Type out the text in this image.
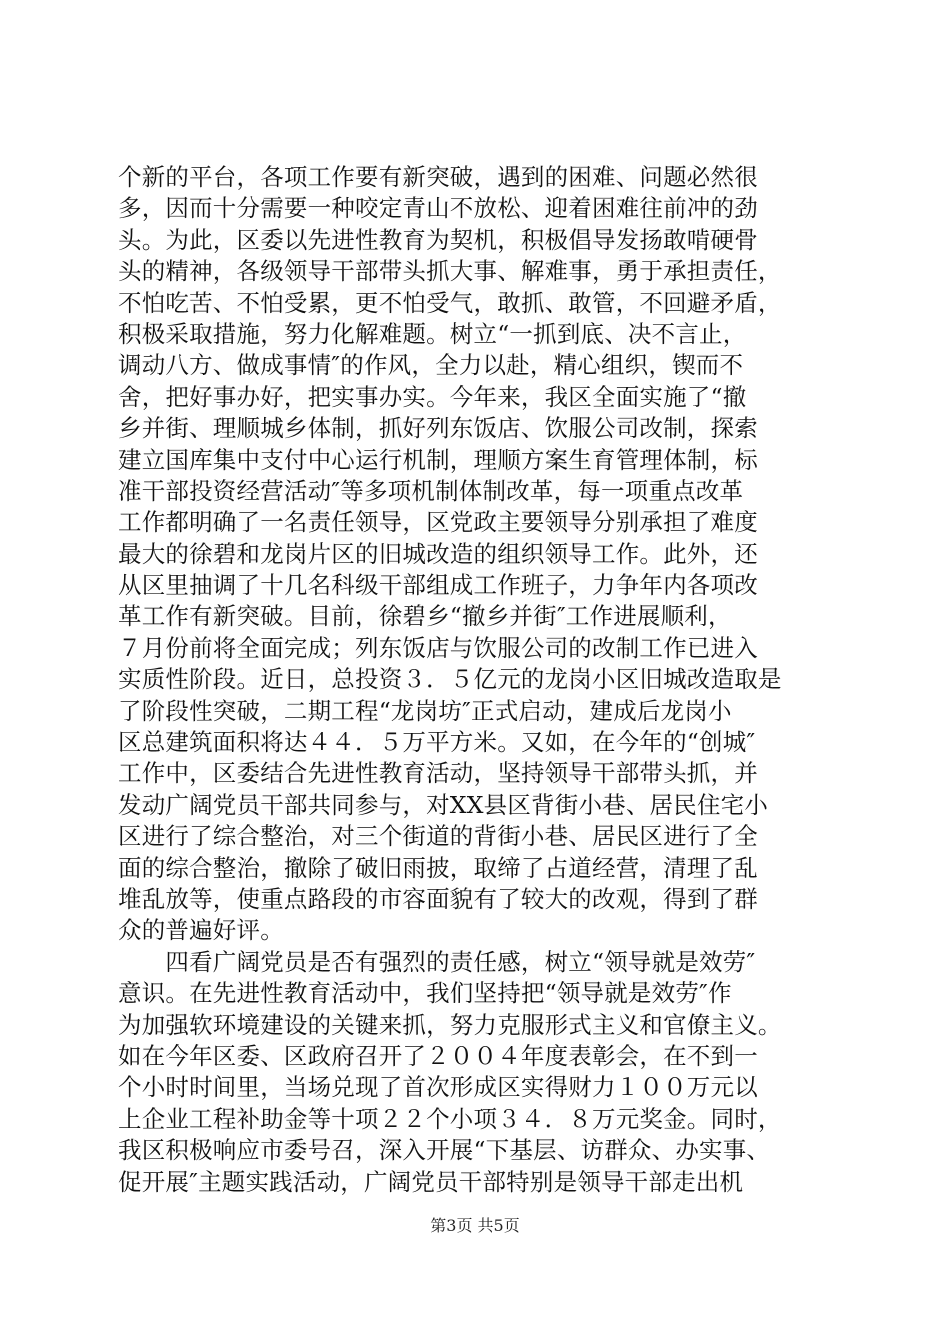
个新的平台，各项工作要有新突破，遇到的困难、问题必然很
多，因而十分需要一种咬定青山不放松、迎着困难往前冲的劲
头。为此，区委以先进性教育为契机，积极倡导发扬敢啃硬骨
头的精神，各级领导干部带头抓大事、解难事，勇于承担责任，
不怕吃苦、不怕受累，更不怕受气，敢抓、敢管，不回避矛盾，
积极采取措施，努力化解难题。树立“一抓到底、决不言止，
调动八方、做成事情″的作风，全力以赴，精心组织，锲而不
舍，把好事办好，把实事办实。今年来，我区全面实施了“撤
乡并街、理顺城乡体制，抓好列东饭店、饮服公司改制，探索
建立国库集中支付中心运行机制，理顺方案生育管理体制，标
准干部投资经营活动″等多项机制体制改革，每一项重点改革
工作都明确了一名责任领导，区党政主要领导分别承担了难度
最大的徐碧和龙岗片区的旧城改造的组织领导工作。此外，还
从区里抽调了十几名科级干部组成工作班子，力争年内各项改
革工作有新突破。目前，徐碧乡“撤乡并街″工作进展顺利，
７月份前将全面完成；列东饭店与饮服公司的改制工作已进入
实质性阶段。近日，总投资３．５亿元的龙岗小区旧城改造取是
了阶段性突破，二期工程“龙岗坊″正式启动，建成后龙岗小
区总建筑面积将达４４．５万平方米。又如，在今年的“创城″
工作中，区委结合先进性教育活动，坚持领导干部带头抓，并
发动广阔党员干部共同参与，对XX县区背街小巷、居民住宅小
区进行了综合整治，对三个街道的背街小巷、居民区进行了全
面的综合整治，撤除了破旧雨披，取缔了占道经营，清理了乱
堆乱放等，使重点路段的市容面貌有了较大的改观，得到了群
众的普遍好评。
　　四看广阔党员是否有强烈的责任感，树立“领导就是效劳″
意识。在先进性教育活动中，我们坚持把“领导就是效劳″作
为加强软环境建设的关键来抓，努力克服形式主义和官僚主义。
如在今年区委、区政府召开了２００４年度表彰会，在不到一
个小时时间里，当场兑现了首次形成区实得财力１００万元以
上企业工程补助金等十项２２个小项３４．８万元奖金。同时，
我区积极响应市委号召，深入开展“下基层、访群众、办实事、
促开展″主题实践活动，广阔党员干部特别是领导干部走出机
第3页 共5页
